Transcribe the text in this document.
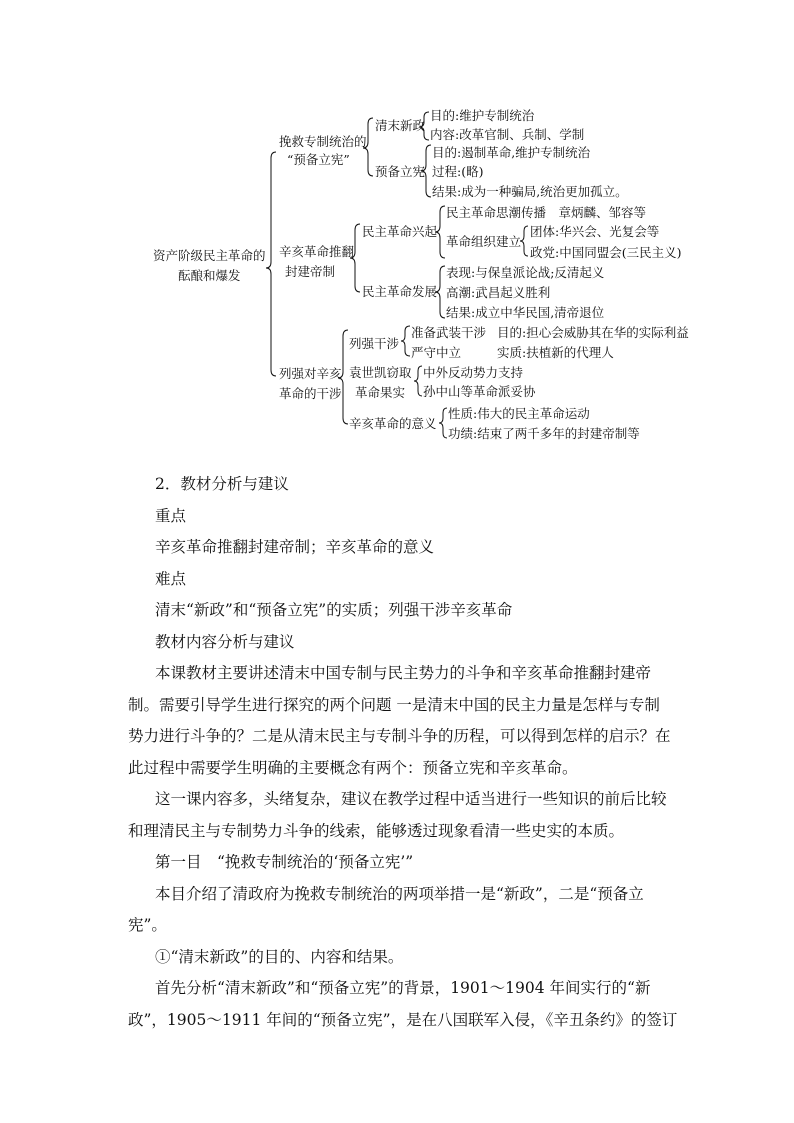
资产阶级民主革命的
酝酿和爆发
挽救专制统治的
“预备立宪”
清末新政
目的:维护专制统治
内容:改革官制、兵制、学制
预备立宪
目的:遏制革命,维护专制统治
过程:(略)
结果:成为一种骗局,统治更加孤立。
辛亥革命推翻
封建帝制
民主革命兴起
民主革命思潮传播　章炳麟、邹容等
革命组织建立
团体:华兴会、光复会等
政党:中国同盟会(三民主义)
民主革命发展
表现:与保皇派论战;反清起义
高潮:武昌起义胜利
结果:成立中华民国,清帝退位
列强对辛亥
革命的干涉
列强干涉
准备武装干涉
严守中立
目的:担心会威胁其在华的实际利益
实质:扶植新的代理人
袁世凯窃取
革命果实
中外反动势力支持
孙中山等革命派妥协
辛亥革命的意义
性质:伟大的民主革命运动
功绩:结束了两千多年的封建帝制等
2．教材分析与建议
重点
辛亥革命推翻封建帝制；辛亥革命的意义
难点
清末“新政”和“预备立宪”的实质；列强干涉辛亥革命
教材内容分析与建议
本课教材主要讲述清末中国专制与民主势力的斗争和辛亥革命推翻封建帝
制。需要引导学生进行探究的两个问题 一是清末中国的民主力量是怎样与专制
势力进行斗争的？二是从清末民主与专制斗争的历程，可以得到怎样的启示？在
此过程中需要学生明确的主要概念有两个：预备立宪和辛亥革命。
这一课内容多，头绪复杂，建议在教学过程中适当进行一些知识的前后比较
和理清民主与专制势力斗争的线索，能够透过现象看清一些史实的本质。
第一目　“挽救专制统治的‘预备立宪’”
本目介绍了清政府为挽救专制统治的两项举措一是“新政”，二是“预备立
宪”。
①“清末新政”的目的、内容和结果。
首先分析“清末新政”和“预备立宪”的背景，1901～1904 年间实行的“新
政”，1905～1911 年间的“预备立宪”，是在八国联军入侵，《辛丑条约》的签订
